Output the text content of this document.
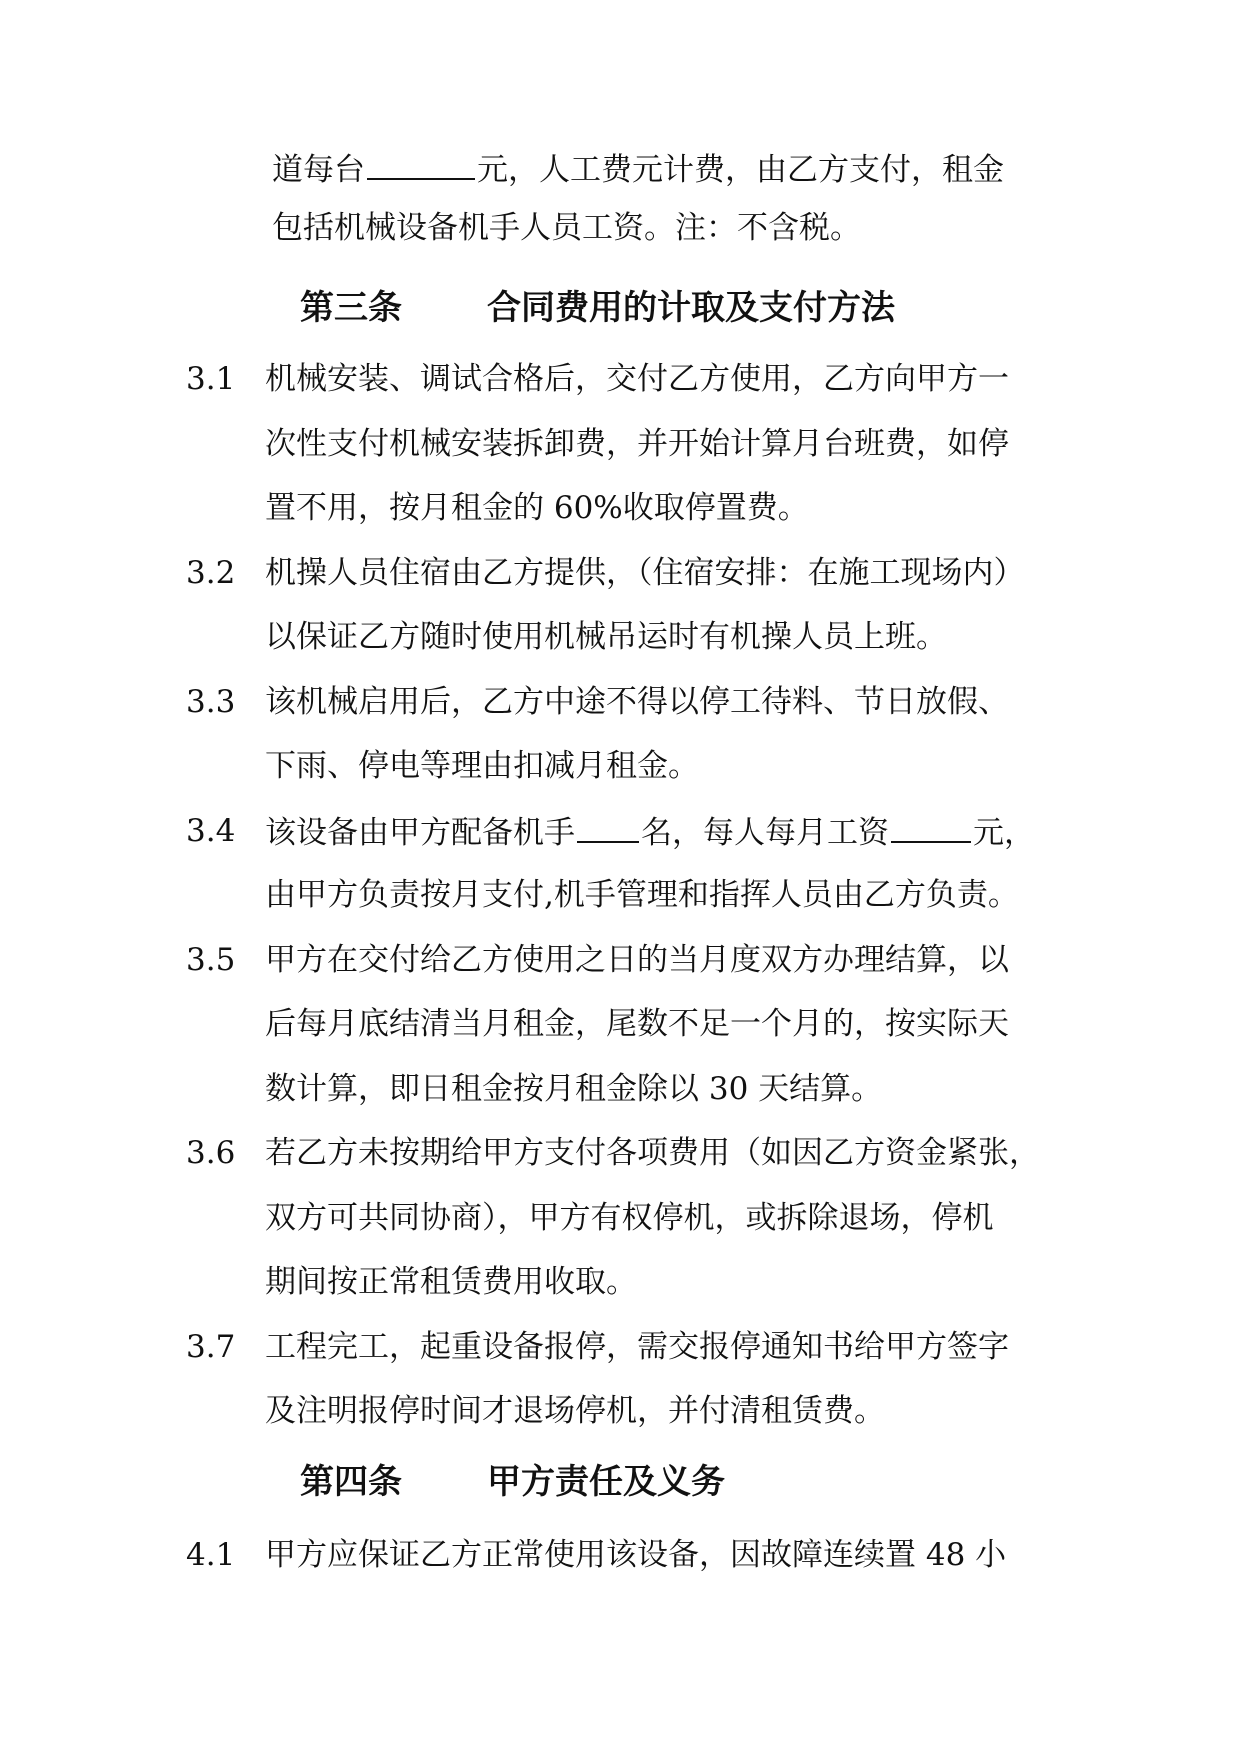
道每台	元，人工费元计费，由乙方支付，租金
包括机械设备机手人员工资。注：不含税。
第三条	合同费用的计取及支付方法
3.1 机械安装、调试合格后，交付乙方使用，乙方向甲方一
次性支付机械安装拆卸费，并开始计算月台班费，如停
置不用，按月租金的 60%收取停置费。
3.2 机操人员住宿由乙方提供，（住宿安排：在施工现场内）
以保证乙方随时使用机械吊运时有机操人员上班。
3.3 该机械启用后，乙方中途不得以停工待料、节日放假、
下雨、停电等理由扣减月租金。
3.4 该设备由甲方配备机手 名，每人每月工资	元，
由甲方负责按月支付,机手管理和指挥人员由乙方负责。
3.5 甲方在交付给乙方使用之日的当月度双方办理结算，以
后每月底结清当月租金，尾数不足一个月的，按实际天
数计算，即日租金按月租金除以 30 天结算。
3.6 若乙方未按期给甲方支付各项费用（如因乙方资金紧张，
双方可共同协商），甲方有权停机，或拆除退场，停机
期间按正常租赁费用收取。
3.7 工程完工，起重设备报停，需交报停通知书给甲方签字
及注明报停时间才退场停机，并付清租赁费。
第四条	甲方责任及义务
4.1 甲方应保证乙方正常使用该设备，因故障连续置 48 小
